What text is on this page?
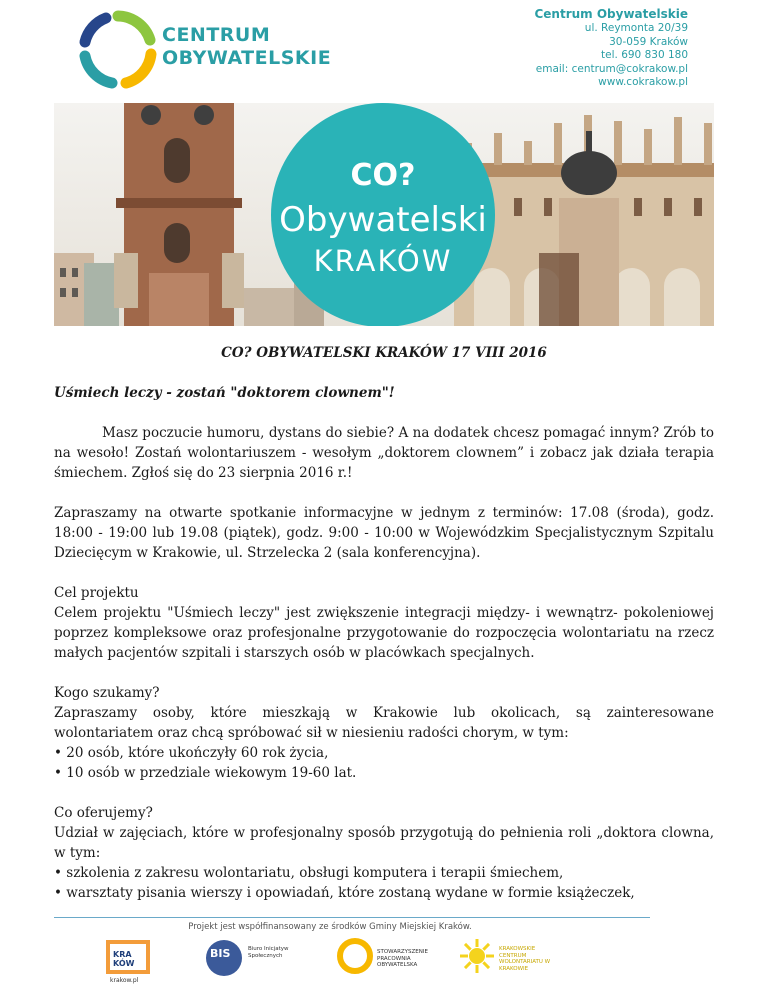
CENTRUM
OBYWATELSKIE
Centrum Obywatelskie
ul. Reymonta 20/39
30-059 Kraków
tel. 690 830 180
email: centrum@cokrakow.pl
www.cokrakow.pl
CO?
Obywatelski
KRAKÓW
CO? OBYWATELSKI KRAKÓW 17 VIII 2016
Uśmiech leczy - zostań "doktorem clownem"!

Masz poczucie humoru, dystans do siebie? A na dodatek chcesz pomagać innym? Zrób to na wesoło! Zostań wolontariuszem - wesołym „doktorem clownem” i zobacz jak działa terapia śmiechem. Zgłoś się do 23 sierpnia 2016 r.!

Zapraszamy na otwarte spotkanie informacyjne w jednym z terminów: 17.08 (środa), godz. 18:00 - 19:00 lub 19.08 (piątek), godz. 9:00 - 10:00 w Wojewódzkim Specjalistycznym Szpitalu Dziecięcym w Krakowie, ul. Strzelecka 2 (sala konferencyjna).

Cel projektu
Celem projektu "Uśmiech leczy" jest zwiększenie integracji między- i wewnątrz- pokoleniowej poprzez kompleksowe oraz profesjonalne przygotowanie do rozpoczęcia wolontariatu na rzecz małych pacjentów szpitali i starszych osób w placówkach specjalnych.
Kogo szukamy?
Zapraszamy osoby, które mieszkają w Krakowie lub okolicach, są zainteresowane wolontariatem oraz chcą spróbować sił w niesieniu radości chorym, w tym:
• 20 osób, które ukończyły 60 rok życia,
• 10 osób w przedziale wiekowym 19-60 lat.
Co oferujemy?
Udział w zajęciach, które w profesjonalny sposób przygotują do pełnienia roli „doktora clowna, w tym:
• szkolenia z zakresu wolontariatu, obsługi komputera i terapii śmiechem,
• warsztaty pisania wierszy i opowiadań, które zostaną wydane w formie książeczek,
Projekt jest współfinansowany ze środków Gminy Miejskiej Kraków.
KRA KÓW
krakow.pl
BIS	Biuro Inicjatyw Społecznych
STOWARZYSZENIE PRACOWNIA OBYWATELSKA
KRAKOWSKIE CENTRUM WOLONTARIATU W KRAKOWIE
